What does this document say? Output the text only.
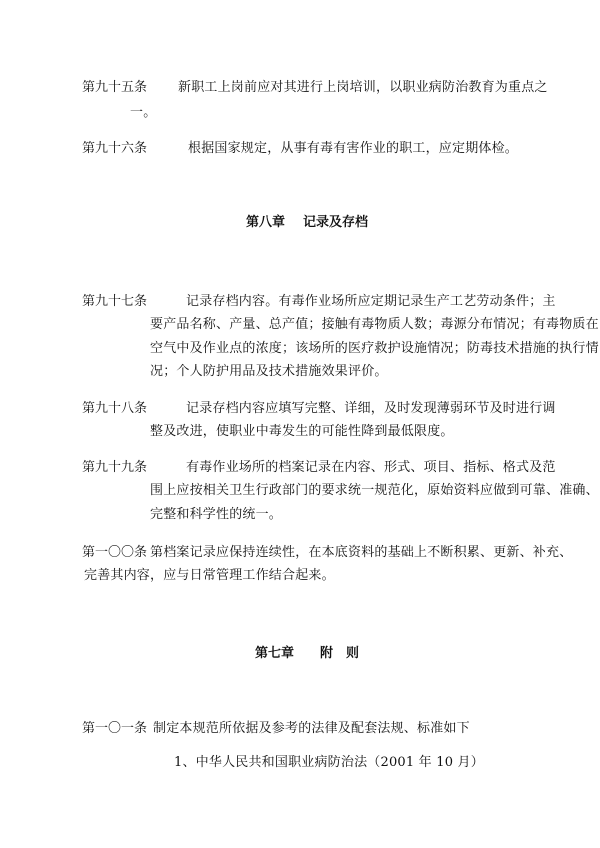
第九十五条 新职工上岗前应对其进行上岗培训，以职业病防治教育为重点之
一。
第九十六条	根据国家规定，从事有毒有害作业的职工，应定期体检。
第八章 记录及存档
第九十七条	记录存档内容。有毒作业场所应定期记录生产工艺劳动条件；主
要产品名称、产量、总产值；接触有毒物质人数；毒源分布情况；有毒物质在
空气中及作业点的浓度；该场所的医疗救护设施情况；防毒技术措施的执行情
况；个人防护用品及技术措施效果评价。
第九十八条	记录存档内容应填写完整、详细，及时发现薄弱环节及时进行调
整及改进，使职业中毒发生的可能性降到最低限度。
第九十九条	有毒作业场所的档案记录在内容、形式、项目、指标、格式及范
围上应按相关卫生行政部门的要求统一规范化，原始资料应做到可靠、准确、
完整和科学性的统一。
第一〇〇条 第档案记录应保持连续性，在本底资料的基础上不断积累、更新、补充、
完善其内容，应与日常管理工作结合起来。
第七章 附　则
第一〇一条 制定本规范所依据及参考的法律及配套法规、标准如下
1、中华人民共和国职业病防治法（2001 年 10 月）
